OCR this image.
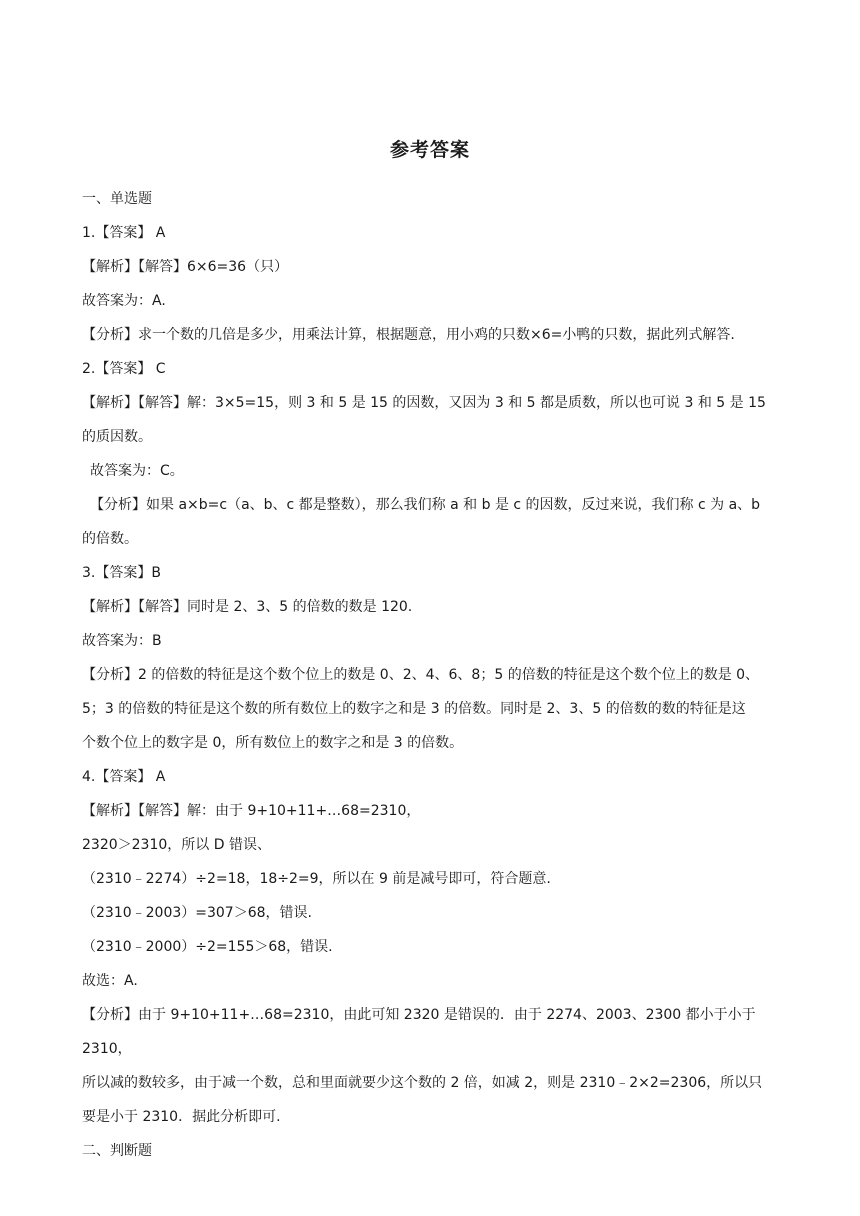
参考答案

一、单选题

1.【答案】 A

【解析】【解答】6×6=36（只）

故答案为：A.

【分析】求一个数的几倍是多少，用乘法计算，根据题意，用小鸡的只数×6=小鸭的只数，据此列式解答.

2.【答案】 C

【解析】【解答】解：3×5=15，则 3 和 5 是 15 的因数，又因为 3 和 5 都是质数，所以也可说 3 和 5 是 15

的质因数。

故答案为：C。

【分析】如果 a×b=c（a、b、c 都是整数），那么我们称 a 和 b 是 c 的因数，反过来说，我们称 c 为 a、b

的倍数。

3.【答案】B

【解析】【解答】同时是 2、3、5 的倍数的数是 120.

故答案为：B

【分析】2 的倍数的特征是这个数个位上的数是 0、2、4、6、8；5 的倍数的特征是这个数个位上的数是 0、

5；3 的倍数的特征是这个数的所有数位上的数字之和是 3 的倍数。同时是 2、3、5 的倍数的数的特征是这

个数个位上的数字是 0，所有数位上的数字之和是 3 的倍数。

4.【答案】 A

【解析】【解答】解：由于 9+10+11+…68=2310，

2320＞2310，所以 D 错误、

（2310﹣2274）÷2=18，18÷2=9，所以在 9 前是减号即可，符合题意.

（2310﹣2003）=307＞68，错误.

（2310﹣2000）÷2=155＞68，错误.

故选：A.

【分析】由于 9+10+11+…68=2310，由此可知 2320 是错误的．由于 2274、2003、2300 都小于小于 2310，

所以减的数较多，由于减一个数，总和里面就要少这个数的 2 倍，如减 2，则是 2310﹣2×2=2306，所以只

要是小于 2310．据此分析即可.

二、判断题
